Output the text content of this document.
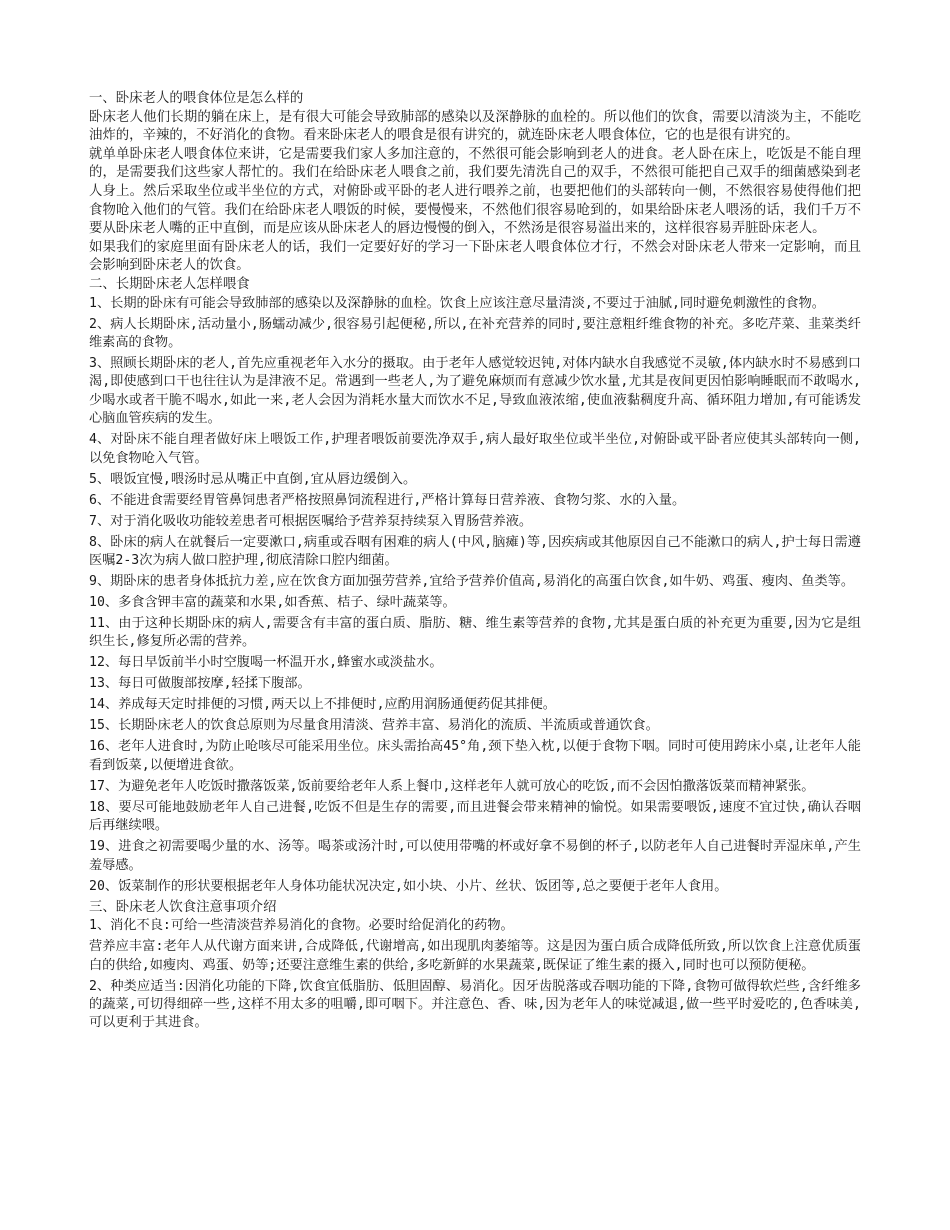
一、卧床老人的喂食体位是怎么样的

卧床老人他们长期的躺在床上，是有很大可能会导致肺部的感染以及深静脉的血栓的。所以他们的饮食，需要以清淡为主，不能吃油炸的，辛辣的，不好消化的食物。看来卧床老人的喂食是很有讲究的，就连卧床老人喂食体位，它的也是很有讲究的。

就单单卧床老人喂食体位来讲，它是需要我们家人多加注意的，不然很可能会影响到老人的进食。老人卧在床上，吃饭是不能自理的，是需要我们这些家人帮忙的。我们在给卧床老人喂食之前，我们要先清洗自己的双手，不然很可能把自己双手的细菌感染到老人身上。然后采取坐位或半坐位的方式，对俯卧或平卧的老人进行喂养之前，也要把他们的头部转向一侧，不然很容易使得他们把食物呛入他们的气管。我们在给卧床老人喂饭的时候，要慢慢来，不然他们很容易呛到的，如果给卧床老人喂汤的话，我们千万不要从卧床老人嘴的正中直倒，而是应该从卧床老人的唇边慢慢的倒入，不然汤是很容易溢出来的，这样很容易弄脏卧床老人。

如果我们的家庭里面有卧床老人的话，我们一定要好好的学习一下卧床老人喂食体位才行，不然会对卧床老人带来一定影响，而且会影响到卧床老人的饮食。

二、长期卧床老人怎样喂食

1、长期的卧床有可能会导致肺部的感染以及深静脉的血栓。饮食上应该注意尽量清淡,不要过于油腻,同时避免刺激性的食物。

2、病人长期卧床,活动量小,肠蠕动减少,很容易引起便秘,所以,在补充营养的同时,要注意粗纤维食物的补充。多吃芹菜、韭菜类纤维素高的食物。

3、照顾长期卧床的老人,首先应重视老年入水分的摄取。由于老年人感觉较迟钝,对体内缺水自我感觉不灵敏,体内缺水时不易感到口渴,即使感到口干也往往认为是津液不足。常遇到一些老人,为了避免麻烦而有意减少饮水量,尤其是夜间更因怕影响睡眠而不敢喝水,少喝水或者干脆不喝水,如此一来,老人会因为消耗水量大而饮水不足,导致血液浓缩,使血液黏稠度升高、循环阻力增加,有可能诱发心脑血管疾病的发生。

4、对卧床不能自理者做好床上喂饭工作,护理者喂饭前要洗净双手,病人最好取坐位或半坐位,对俯卧或平卧者应使其头部转向一侧,以免食物呛入气管。

5、喂饭宜慢,喂汤时忌从嘴正中直倒,宜从唇边缓倒入。

6、不能进食需要经胃管鼻饲患者严格按照鼻饲流程进行,严格计算每日营养液、食物匀浆、水的入量。

7、对于消化吸收功能较差患者可根据医嘱给予营养泵持续泵入胃肠营养液。

8、卧床的病人在就餐后一定要漱口,病重或吞咽有困难的病人(中风,脑瘫)等,因疾病或其他原因自己不能漱口的病人,护士每日需遵医嘱2-3次为病人做口腔护理,彻底清除口腔内细菌。

9、期卧床的患者身体抵抗力差,应在饮食方面加强劳营养,宜给予营养价值高,易消化的高蛋白饮食,如牛奶、鸡蛋、瘦肉、鱼类等。

10、多食含钾丰富的蔬菜和水果,如香蕉、桔子、绿叶蔬菜等。

11、由于这种长期卧床的病人,需要含有丰富的蛋白质、脂肪、糖、维生素等营养的食物,尤其是蛋白质的补充更为重要,因为它是组织生长,修复所必需的营养。

12、每日早饭前半小时空腹喝一杯温开水,蜂蜜水或淡盐水。

13、每日可做腹部按摩,轻揉下腹部。

14、养成每天定时排便的习惯,两天以上不排便时,应酌用润肠通便药促其排便。

15、长期卧床老人的饮食总原则为尽量食用清淡、营养丰富、易消化的流质、半流质或普通饮食。

16、老年人进食时,为防止呛咳尽可能采用坐位。床头需抬高45°角,颈下垫入枕,以便于食物下咽。同时可使用跨床小桌,让老年人能看到饭菜,以便增进食欲。

17、为避免老年人吃饭时撒落饭菜,饭前要给老年人系上餐巾,这样老年人就可放心的吃饭,而不会因怕撒落饭菜而精神紧张。

18、要尽可能地鼓励老年人自己进餐,吃饭不但是生存的需要,而且进餐会带来精神的愉悦。如果需要喂饭,速度不宜过快,确认吞咽后再继续喂。

19、进食之初需要喝少量的水、汤等。喝茶或汤汁时,可以使用带嘴的杯或好拿不易倒的杯子,以防老年人自己进餐时弄湿床单,产生羞辱感。

20、饭菜制作的形状要根据老年人身体功能状况决定,如小块、小片、丝状、饭团等,总之要便于老年人食用。

三、卧床老人饮食注意事项介绍

1、消化不良:可给一些清淡营养易消化的食物。必要时给促消化的药物。

营养应丰富:老年人从代谢方面来讲,合成降低,代谢增高,如出现肌肉萎缩等。这是因为蛋白质合成降低所致,所以饮食上注意优质蛋白的供给,如瘦肉、鸡蛋、奶等;还要注意维生素的供给,多吃新鲜的水果蔬菜,既保证了维生素的摄入,同时也可以预防便秘。

2、种类应适当:因消化功能的下降,饮食宜低脂肪、低胆固醇、易消化。因牙齿脱落或吞咽功能的下降,食物可做得软烂些,含纤维多的蔬菜,可切得细碎一些,这样不用太多的咀嚼,即可咽下。并注意色、香、味,因为老年人的味觉减退,做一些平时爱吃的,色香味美,可以更利于其进食。
